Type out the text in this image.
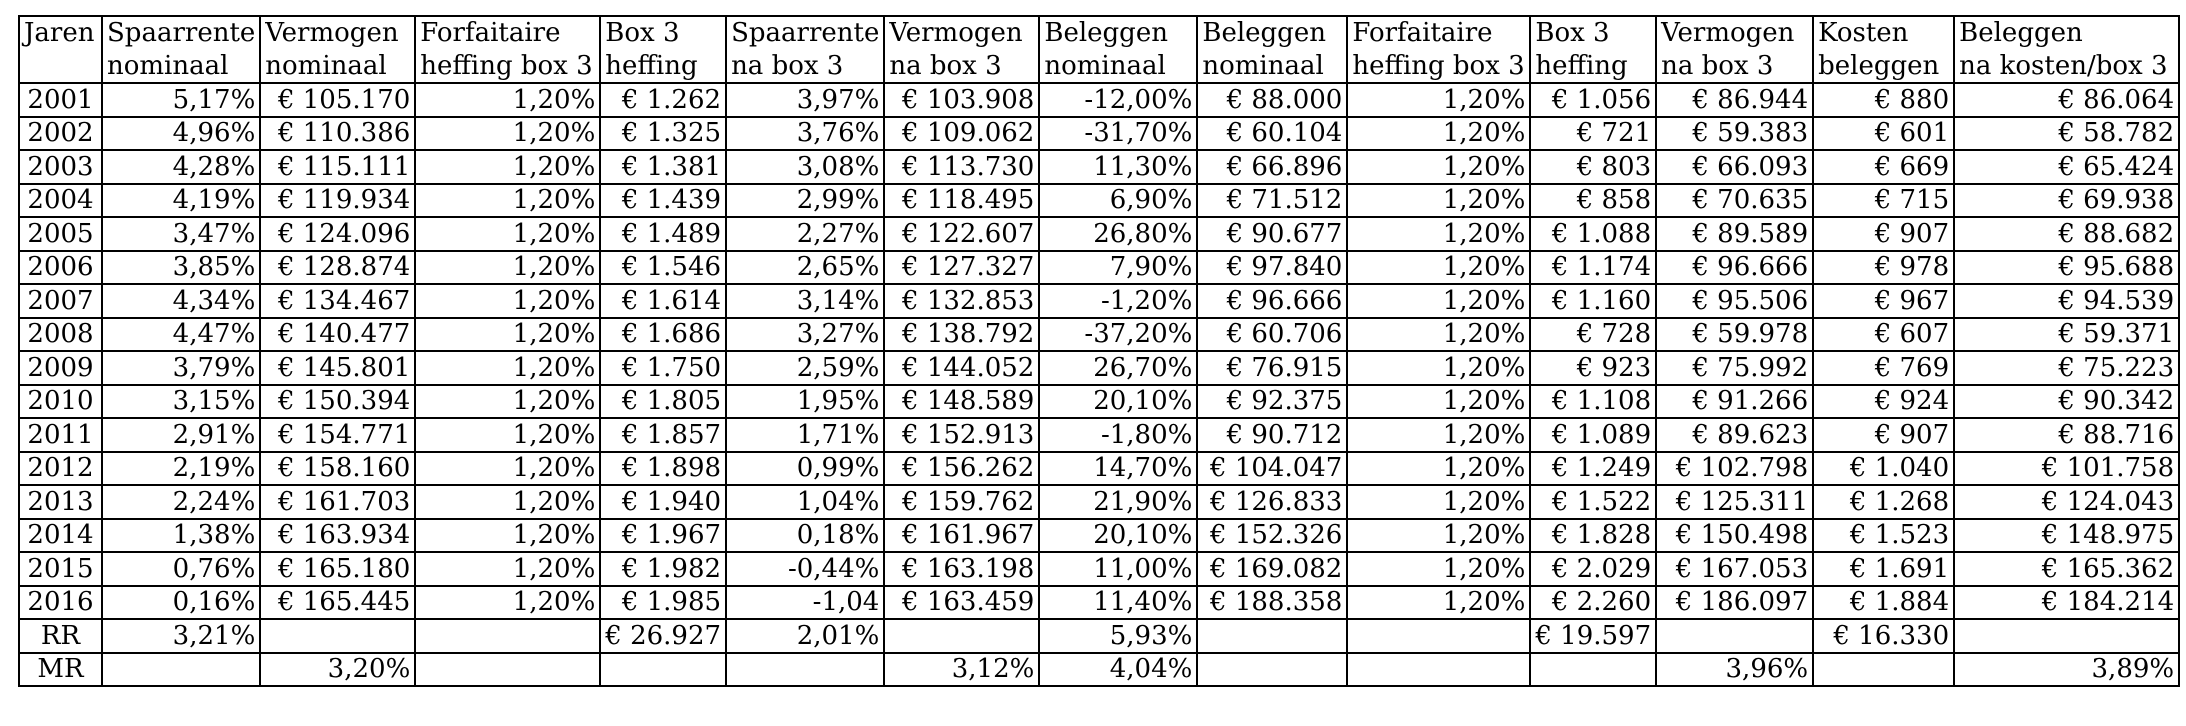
Jaren	Spaarrente	Vermogen	Forfaitaire	Box 3	Spaarrente	Vermogen	Beleggen	Beleggen	Forfaitaire	Box 3	Vermogen	Kosten	Beleggen
	nominaal	nominaal	heffing box 3	heffing	na box 3	na box 3	nominaal	nominaal	heffing box 3	heffing	na box 3	beleggen	na kosten/box 3
2001	5,17%	€ 105.170	1,20%	€ 1.262	3,97%	€ 103.908	-12,00%	€ 88.000	1,20%	€ 1.056	€ 86.944	€ 880	€ 86.064
2002	4,96%	€ 110.386	1,20%	€ 1.325	3,76%	€ 109.062	-31,70%	€ 60.104	1,20%	€ 721	€ 59.383	€ 601	€ 58.782
2003	4,28%	€ 115.111	1,20%	€ 1.381	3,08%	€ 113.730	11,30%	€ 66.896	1,20%	€ 803	€ 66.093	€ 669	€ 65.424
2004	4,19%	€ 119.934	1,20%	€ 1.439	2,99%	€ 118.495	6,90%	€ 71.512	1,20%	€ 858	€ 70.635	€ 715	€ 69.938
2005	3,47%	€ 124.096	1,20%	€ 1.489	2,27%	€ 122.607	26,80%	€ 90.677	1,20%	€ 1.088	€ 89.589	€ 907	€ 88.682
2006	3,85%	€ 128.874	1,20%	€ 1.546	2,65%	€ 127.327	7,90%	€ 97.840	1,20%	€ 1.174	€ 96.666	€ 978	€ 95.688
2007	4,34%	€ 134.467	1,20%	€ 1.614	3,14%	€ 132.853	-1,20%	€ 96.666	1,20%	€ 1.160	€ 95.506	€ 967	€ 94.539
2008	4,47%	€ 140.477	1,20%	€ 1.686	3,27%	€ 138.792	-37,20%	€ 60.706	1,20%	€ 728	€ 59.978	€ 607	€ 59.371
2009	3,79%	€ 145.801	1,20%	€ 1.750	2,59%	€ 144.052	26,70%	€ 76.915	1,20%	€ 923	€ 75.992	€ 769	€ 75.223
2010	3,15%	€ 150.394	1,20%	€ 1.805	1,95%	€ 148.589	20,10%	€ 92.375	1,20%	€ 1.108	€ 91.266	€ 924	€ 90.342
2011	2,91%	€ 154.771	1,20%	€ 1.857	1,71%	€ 152.913	-1,80%	€ 90.712	1,20%	€ 1.089	€ 89.623	€ 907	€ 88.716
2012	2,19%	€ 158.160	1,20%	€ 1.898	0,99%	€ 156.262	14,70%	€ 104.047	1,20%	€ 1.249	€ 102.798	€ 1.040	€ 101.758
2013	2,24%	€ 161.703	1,20%	€ 1.940	1,04%	€ 159.762	21,90%	€ 126.833	1,20%	€ 1.522	€ 125.311	€ 1.268	€ 124.043
2014	1,38%	€ 163.934	1,20%	€ 1.967	0,18%	€ 161.967	20,10%	€ 152.326	1,20%	€ 1.828	€ 150.498	€ 1.523	€ 148.975
2015	0,76%	€ 165.180	1,20%	€ 1.982	-0,44%	€ 163.198	11,00%	€ 169.082	1,20%	€ 2.029	€ 167.053	€ 1.691	€ 165.362
2016	0,16%	€ 165.445	1,20%	€ 1.985	-1,04	€ 163.459	11,40%	€ 188.358	1,20%	€ 2.260	€ 186.097	€ 1.884	€ 184.214
RR	3,21%			€ 26.927	2,01%		5,93%			€ 19.597		€ 16.330	
MR		3,20%				3,12%	4,04%				3,96%		3,89%
